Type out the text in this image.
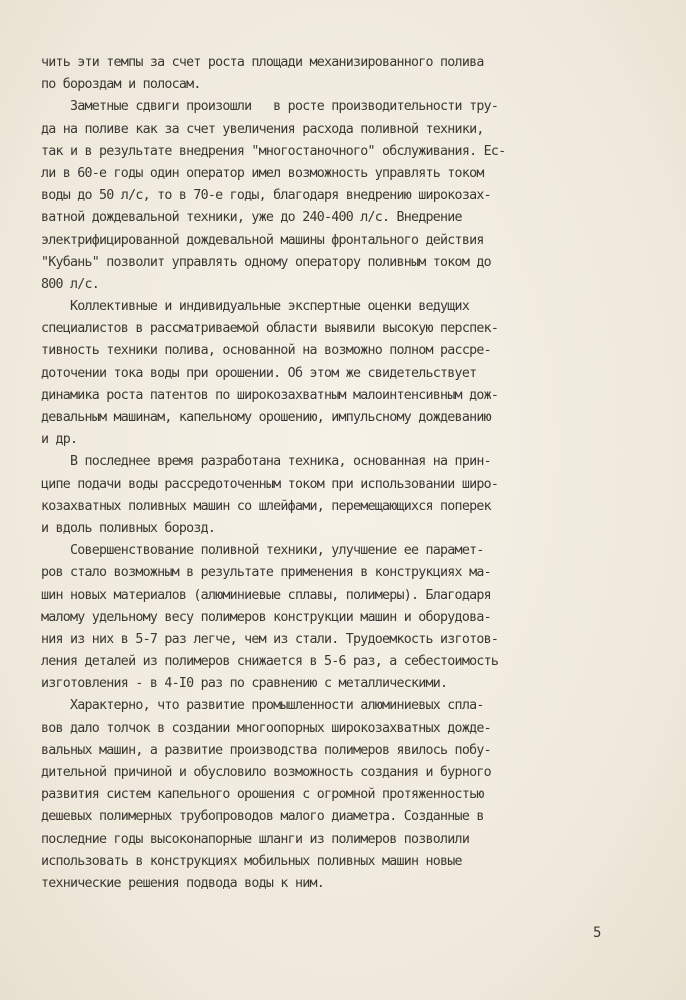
чить эти темпы за счет роста площади механизированного полива
по бороздам и полосам.
Заметные сдвиги произошли   в росте производительности тру-
да на поливе как за счет увеличения расхода поливной техники,
так и в результате внедрения "многостаночного" обслуживания. Ес-
ли в 60-е годы один оператор имел возможность управлять током
воды до 50 л/с, то в 70-е годы, благодаря внедрению широкозах-
ватной дождевальной техники, уже до 240-400 л/с. Внедрение
электрифицированной дождевальной машины фронтального действия
"Кубань" позволит управлять одному оператору поливным током до
800 л/с.
Коллективные и индивидуальные экспертные оценки ведущих
специалистов в рассматриваемой области выявили высокую перспек-
тивность техники полива, основанной на возможно полном рассре-
доточении тока воды при орошении. Об этом же свидетельствует
динамика роста патентов по широкозахватным малоинтенсивным дож-
девальным машинам, капельному орошению, импульсному дождеванию
и др.
В последнее время разработана техника, основанная на прин-
ципе подачи воды рассредоточенным током при использовании широ-
козахватных поливных машин со шлейфами, перемещающихся поперек
и вдоль поливных борозд.
Совершенствование поливной техники, улучшение ее парамет-
ров стало возможным в результате применения в конструкциях ма-
шин новых материалов (алюминиевые сплавы, полимеры). Благодаря
малому удельному весу полимеров конструкции машин и оборудова-
ния из них в 5-7 раз легче, чем из стали. Трудоемкость изготов-
ления деталей из полимеров снижается в 5-6 раз, а себестоимость
изготовления - в 4-I0 раз по сравнению с металлическими.
Характерно, что развитие промышленности алюминиевых спла-
вов дало толчок в создании многоопорных широкозахватных дожде-
вальных машин, а развитие производства полимеров явилось побу-
дительной причиной и обусловило возможность создания и бурного
развития систем капельного орошения с огромной протяженностью
дешевых полимерных трубопроводов малого диаметра. Созданные в
последние годы высоконапорные шланги из полимеров позволили
использовать в конструкциях мобильных поливных машин новые
технические решения подвода воды к ним.
5
